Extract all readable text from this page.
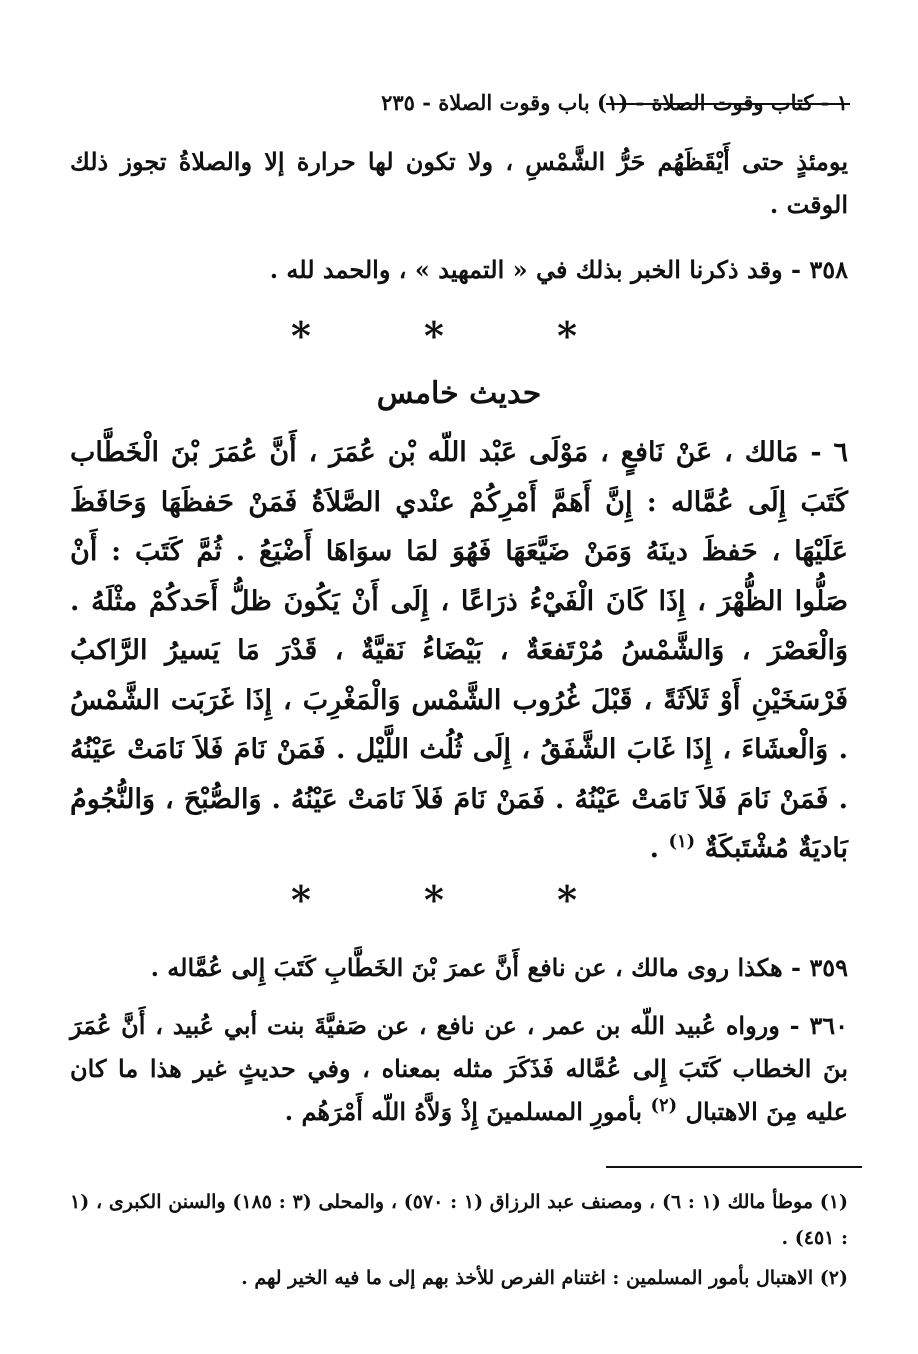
١ - كتاب وقوت الصلاة - (١) باب وقوت الصلاة - ٢٣٥
يومئذٍ حتى أَيْقَظَهُم حَرُّ الشَّمْسِ ، ولا تكون لها حرارة إلا والصلاةُ تجوز ذلك الوقت .
٣٥٨ - وقد ذكرنا الخبر بذلك في « التمهيد » ، والحمد لله .
* * *
حديث خامس
٦ - مَالك ، عَنْ نَافعٍ ، مَوْلَى عَبْد اللّه بْن عُمَرَ ، أَنَّ عُمَرَ بْنَ الْخَطَّاب كَتَبَ إِلَى عُمَّاله : إِنَّ أَهَمَّ أَمْرِكُمْ عنْدي الصَّلاَةُ فَمَنْ حَفظَهَا وَحَافَظَ عَلَيْهَا ، حَفظَ دينَهُ وَمَنْ ضَيَّعَهَا فَهُوَ لمَا سوَاهَا أَضْيَعُ . ثُمَّ كَتَبَ : أَنْ صَلُّوا الظُّهْرَ ، إِذَا كَانَ الْفَيْءُ ذرَاعًا ، إِلَى أَنْ يَكُونَ ظلُّ أَحَدكُمْ مثْلَهُ . وَالْعَصْرَ ، وَالشَّمْسُ مُرْتَفعَةٌ ، بَيْضَاءُ نَقيَّةٌ ، قَدْرَ مَا يَسيرُ الرَّاكبُ فَرْسَخَيْنِ أَوْ ثَلاَثَةً ، قَبْلَ غُرُوب الشَّمْس وَالْمَغْرِبَ ، إِذَا غَرَبَت الشَّمْسُ . وَالْعشَاءَ ، إِذَا غَابَ الشَّفَقُ ، إِلَى ثُلُث اللَّيْل . فَمَنْ نَامَ فَلاَ نَامَتْ عَيْنُهُ . فَمَنْ نَامَ فَلاَ نَامَتْ عَيْنُهُ . فَمَنْ نَامَ فَلاَ نَامَتْ عَيْنُهُ . وَالصُّبْحَ ، وَالنُّجُومُ بَاديَةٌ مُشْتَبكَةٌ $^{(١)}$ .
* * *
٣٥٩ - هكذا روى مالك ، عن نافع أَنَّ عمرَ بْنَ الخَطَّابِ كَتَبَ إِلى عُمَّاله .
٣٦٠ - ورواه عُبيد اللّه بن عمر ، عن نافع ، عن صَفيَّةَ بنت أبي عُبيد ، أَنَّ عُمَرَ بنَ الخطاب كَتَبَ إِلى عُمَّاله فَذَكَرَ مثله بمعناه ، وفي حديثٍ غير هذا ما كان عليه مِنَ الاهتبال $^{(٢)}$ بأمورِ المسلمينَ إِذْ وَلاَّهُ اللّه أَمْرَهُم .

(١) موطأ مالك (١ : ٦) ، ومصنف عبد الرزاق (١ : ٥٧٠) ، والمحلى (٣ : ١٨٥) والسنن الكبرى ، (١ : ٤٥١) .

(٢) الاهتبال بأمور المسلمين : اغتنام الفرص للأخذ بهم إلى ما فيه الخير لهم .
